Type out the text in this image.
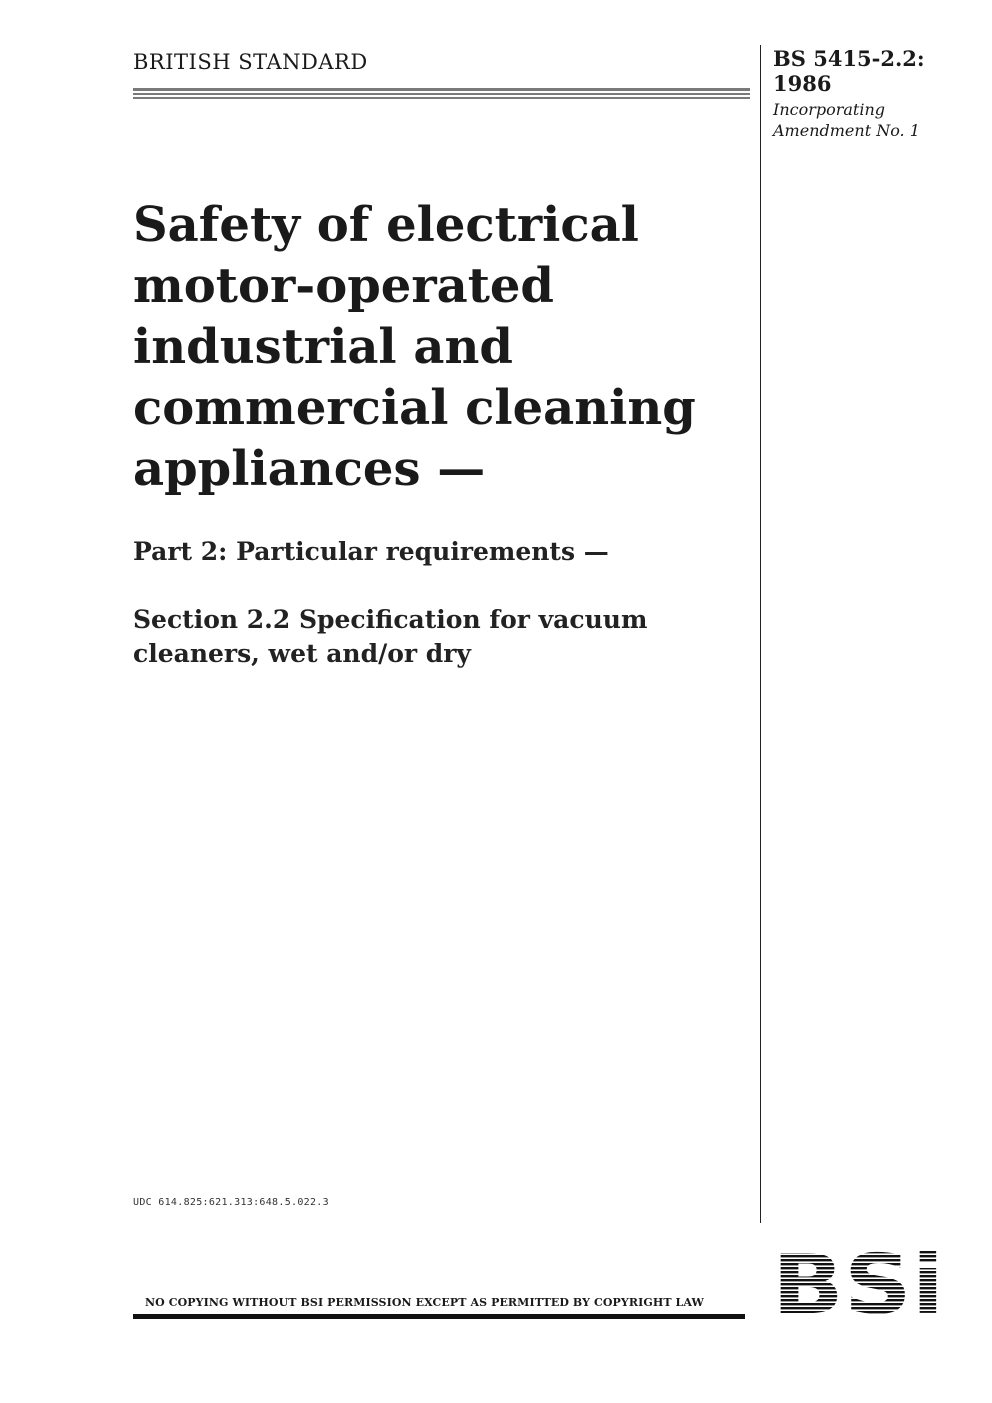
BRITISH STANDARD	BS 5415-2.2:
1986
Incorporating
Amendment No. 1
Safety of electrical
motor-operated
industrial and
commercial cleaning
appliances —
Part 2: Particular requirements —
Section 2.2 Specification for vacuum
cleaners, wet and/or dry
UDC 614.825:621.313:648.5.022.3
NO COPYING WITHOUT BSI PERMISSION EXCEPT AS PERMITTED BY COPYRIGHT LAW BSi
